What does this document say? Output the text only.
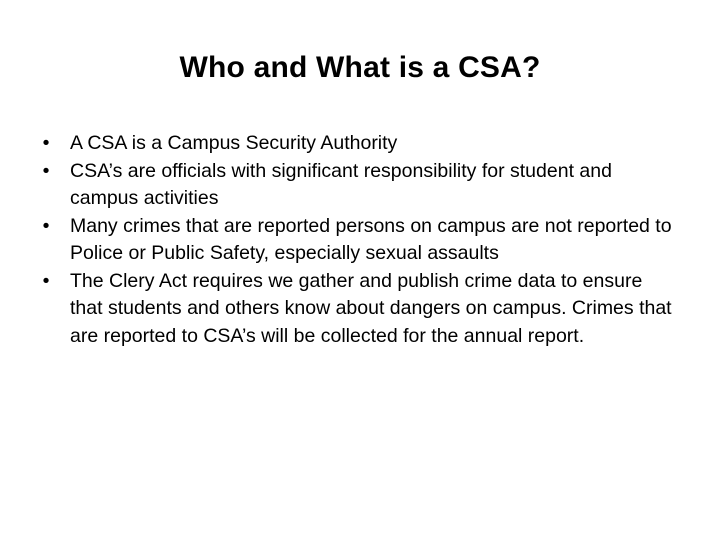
Who and What is a CSA?
•	A CSA is a Campus Security Authority
•	CSA’s are officials with significant responsibility for student and campus activities
•	Many crimes that are reported persons on campus are not reported to Police or Public Safety, especially sexual assaults
•	The Clery Act requires we gather and publish crime data to ensure that students and others know about dangers on campus. Crimes that are reported to CSA’s will be collected for the annual report.
